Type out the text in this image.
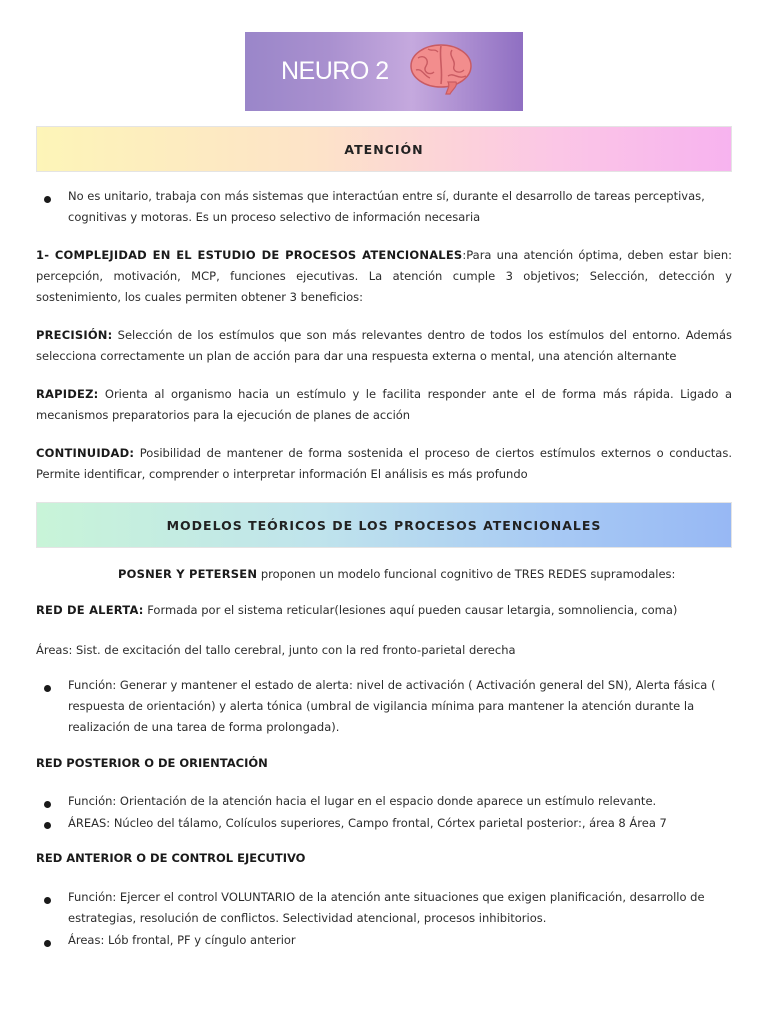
NEURO 2
ATENCIÓN
No es unitario, trabaja con más sistemas que interactúan entre sí, durante el desarrollo de tareas perceptivas, cognitivas y motoras. Es un proceso selectivo de información necesaria
1- COMPLEJIDAD EN EL ESTUDIO DE PROCESOS ATENCIONALES:Para una atención óptima, deben estar bien: percepción, motivación, MCP, funciones ejecutivas. La atención cumple 3 objetivos; Selección, detección y sostenimiento, los cuales permiten obtener 3 beneficios:
PRECISIÓN: Selección de los estímulos que son más relevantes dentro de todos los estímulos del entorno. Además selecciona correctamente un plan de acción para dar una respuesta externa o mental, una atención alternante
RAPIDEZ: Orienta al organismo hacia un estímulo y le facilita responder ante el de forma más rápida. Ligado a mecanismos preparatorios para la ejecución de planes de acción
CONTINUIDAD: Posibilidad de mantener de forma sostenida el proceso de ciertos estímulos externos o conductas. Permite identificar, comprender o interpretar información El análisis es más profundo
MODELOS TEÓRICOS DE LOS PROCESOS ATENCIONALES
POSNER Y PETERSEN proponen un modelo funcional cognitivo de TRES REDES supramodales:
RED DE ALERTA: Formada por el sistema reticular(lesiones aquí pueden causar letargia, somnoliencia, coma)
Áreas: Sist. de excitación del tallo cerebral, junto con la red fronto-parietal derecha
Función: Generar y mantener el estado de alerta: nivel de activación ( Activación general del SN), Alerta fásica ( respuesta de orientación) y alerta tónica (umbral de vigilancia mínima para mantener la atención durante la realización de una tarea de forma prolongada).
RED POSTERIOR O DE ORIENTACIÓN
Función: Orientación de la atención hacia el lugar en el espacio donde aparece un estímulo relevante.
ÁREAS: Núcleo del tálamo, Colículos superiores, Campo frontal, Córtex parietal posterior:, área 8 Área 7
RED ANTERIOR O DE CONTROL EJECUTIVO
Función: Ejercer el control VOLUNTARIO de la atención ante situaciones que exigen planificación, desarrollo de estrategias, resolución de conflictos. Selectividad atencional, procesos inhibitorios.
Áreas: Lób frontal, PF y cíngulo anterior
